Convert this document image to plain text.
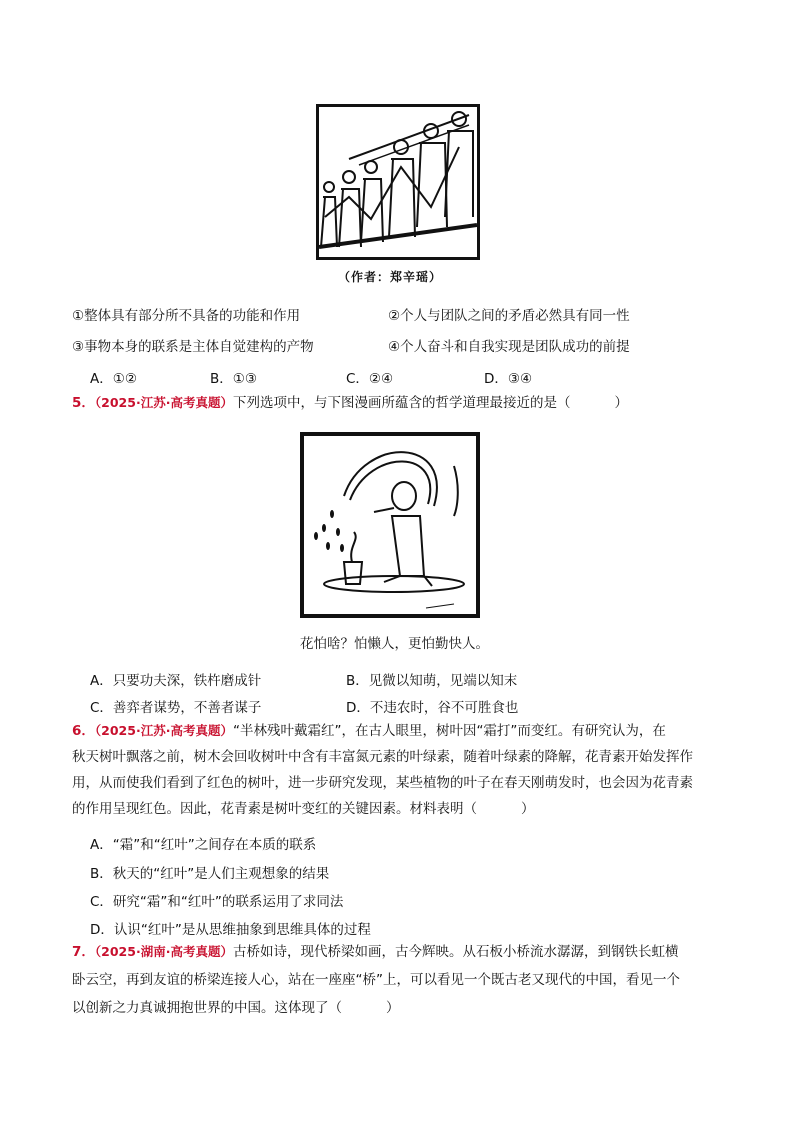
（作者：郑辛瑶）
①整体具有部分所不具备的功能和作用	②个人与团队之间的矛盾必然具有同一性
③事物本身的联系是主体自觉建构的产物	④个人奋斗和自我实现是团队成功的前提
A．①②	B．①③	C．②④	D．③④
5．（2025·江苏·高考真题）下列选项中，与下图漫画所蕴含的哲学道理最接近的是（	）
花怕啥？怕懒人，更怕勤快人。
A．只要功夫深，铁杵磨成针	B．见微以知萌，见端以知末
C．善弈者谋势，不善者谋子	D．不违农时，谷不可胜食也
6．（2025·江苏·高考真题）“半林残叶戴霜红”，在古人眼里，树叶因“霜打”而变红。有研究认为，在
秋天树叶飘落之前，树木会回收树叶中含有丰富氮元素的叶绿素，随着叶绿素的降解，花青素开始发挥作
用，从而使我们看到了红色的树叶，进一步研究发现，某些植物的叶子在春天刚萌发时，也会因为花青素
的作用呈现红色。因此，花青素是树叶变红的关键因素。材料表明（	）
A．“霜”和“红叶”之间存在本质的联系
B．秋天的“红叶”是人们主观想象的结果
C．研究“霜”和“红叶”的联系运用了求同法
D．认识“红叶”是从思维抽象到思维具体的过程
7．（2025·湖南·高考真题）古桥如诗，现代桥梁如画，古今辉映。从石板小桥流水潺潺，到钢铁长虹横
卧云空，再到友谊的桥梁连接人心，站在一座座“桥”上，可以看见一个既古老又现代的中国，看见一个
以创新之力真诚拥抱世界的中国。这体现了（	）
